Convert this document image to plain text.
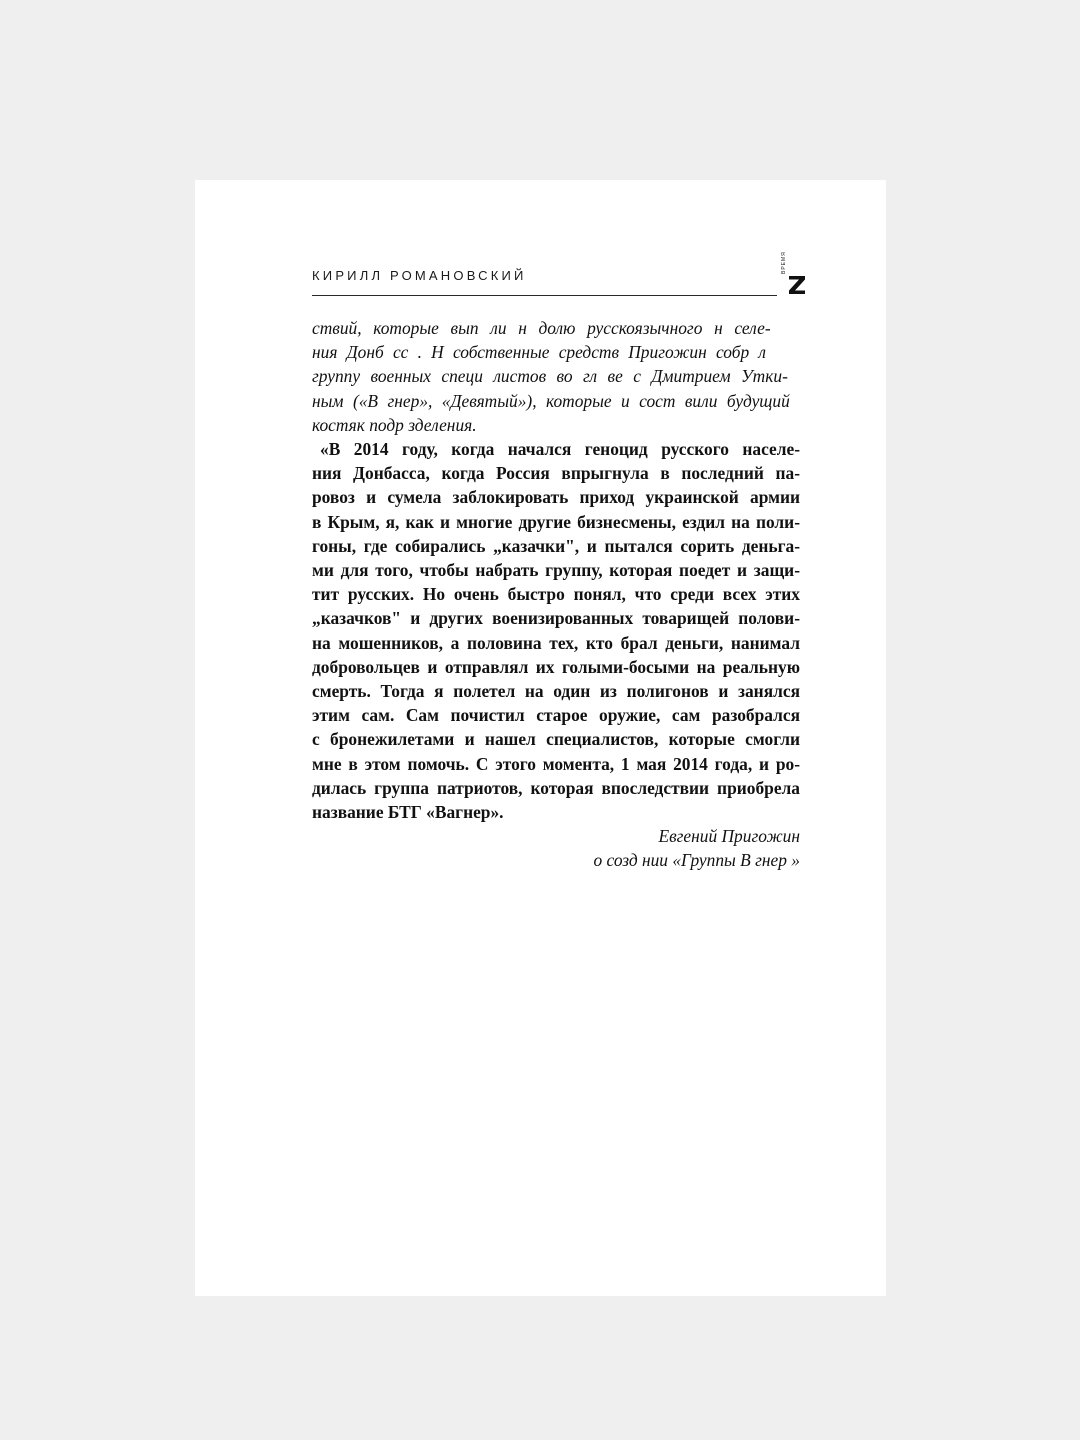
КИРИЛЛ РОМАНОВСКИЙ
ВРЕМЯ

ствий, которые вып ли н долю русскоязычного н селе-
ния Донб сс . Н собственные средств Пригожин собр л
группу военных специ листов во гл ве с Дмитрием Утки-
ным («В гнер», «Девятый»), которые и сост вили будущий
костяк подр зделения.

«В 2014 году, когда начался геноцид русского населе-
ния Донбасса, когда Россия впрыгнула в последний па-
ровоз и сумела заблокировать приход украинской армии
в Крым, я, как и многие другие бизнесмены, ездил на поли-
гоны, где собирались „казачки", и пытался сорить деньга-
ми для того, чтобы набрать группу, которая поедет и защи-
тит русских. Но очень быстро понял, что среди всех этих
„казачков" и других военизированных товарищей полови-
на мошенников, а половина тех, кто брал деньги, нанимал
добровольцев и отправлял их голыми-босыми на реальную
смерть. Тогда я полетел на один из полигонов и занялся
этим сам. Сам почистил старое оружие, сам разобрался
с бронежилетами и нашел специалистов, которые смогли
мне в этом помочь. С этого момента, 1 мая 2014 года, и ро-
дилась группа патриотов, которая впоследствии приобрела
название БТГ «Вагнер».

Евгений Пригожин
о созд нии «Группы В гнер »
